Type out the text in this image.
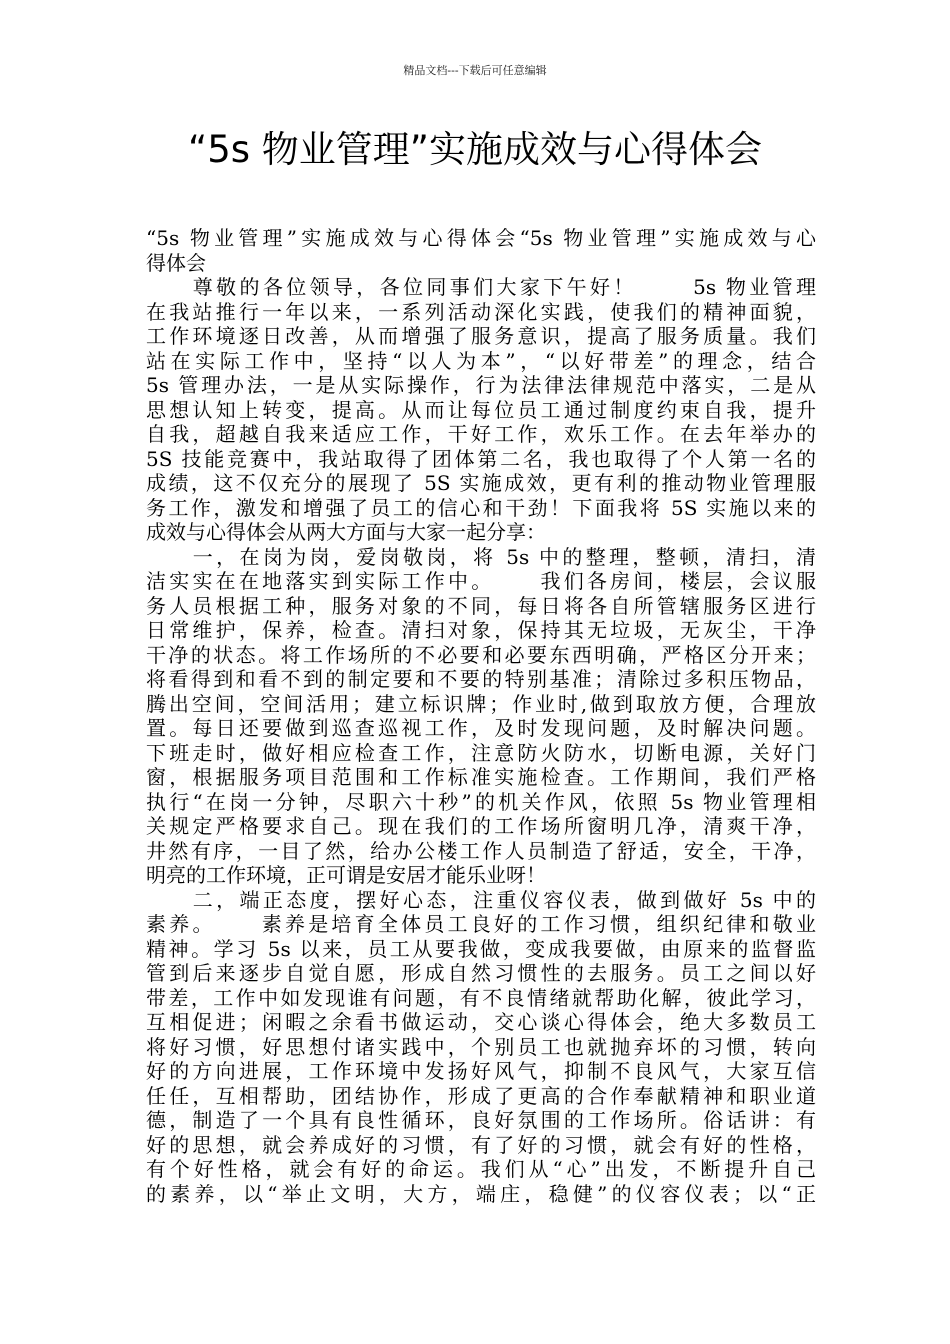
精品文档---下载后可任意编辑
“5s 物业管理”实施成效与心得体会
“5s 物业管理”实施成效与心得体会“5s 物业管理”实施成效与心
得体会
　　尊敬的各位领导，各位同事们大家下午好！　　 5s 物业管理
在我站推行一年以来，一系列活动深化实践，使我们的精神面貌，
工作环境逐日改善，从而增强了服务意识，提高了服务质量。我们
站在实际工作中，坚持“以人为本”，“以好带差”的理念，结合
5s 管理办法，一是从实际操作，行为法律法律规范中落实，二是从
思想认知上转变，提高。从而让每位员工通过制度约束自我，提升
自我，超越自我来适应工作，干好工作，欢乐工作。在去年举办的
5S 技能竞赛中，我站取得了团体第二名，我也取得了个人第一名的
成绩，这不仅充分的展现了 5S 实施成效，更有利的推动物业管理服
务工作，激发和增强了员工的信心和干劲！下面我将 5S 实施以来的
成效与心得体会从两大方面与大家一起分享：
　　一，在岗为岗，爱岗敬岗，将 5s 中的整理，整顿，清扫，清
洁实实在在地落实到实际工作中。　　 我们各房间，楼层，会议服
务人员根据工种，服务对象的不同，每日将各自所管辖服务区进行
日常维护，保养，检查。清扫对象，保持其无垃圾，无灰尘，干净
干净的状态。将工作场所的不必要和必要东西明确，严格区分开来；
将看得到和看不到的制定要和不要的特别基准；清除过多积压物品，
腾出空间，空间活用；建立标识牌；作业时,做到取放方便，合理放
置。每日还要做到巡查巡视工作，及时发现问题，及时解决问题。
下班走时，做好相应检查工作，注意防火防水，切断电源，关好门
窗，根据服务项目范围和工作标准实施检查。工作期间，我们严格
执行“在岗一分钟，尽职六十秒”的机关作风，依照 5s 物业管理相
关规定严格要求自己。现在我们的工作场所窗明几净，清爽干净，
井然有序，一目了然，给办公楼工作人员制造了舒适，安全，干净，
明亮的工作环境，正可谓是安居才能乐业呀！
　　二，端正态度，摆好心态，注重仪容仪表，做到做好 5s 中的
素养。　　 素养是培育全体员工良好的工作习惯，组织纪律和敬业
精神。学习 5s 以来，员工从要我做，变成我要做，由原来的监督监
管到后来逐步自觉自愿，形成自然习惯性的去服务。员工之间以好
带差，工作中如发现谁有问题，有不良情绪就帮助化解，彼此学习，
互相促进；闲暇之余看书做运动，交心谈心得体会，绝大多数员工
将好习惯，好思想付诸实践中，个别员工也就抛弃坏的习惯，转向
好的方向进展，工作环境中发扬好风气，抑制不良风气，大家互信
任任，互相帮助，团结协作，形成了更高的合作奉献精神和职业道
德，制造了一个具有良性循环，良好氛围的工作场所。俗话讲：有
好的思想，就会养成好的习惯，有了好的习惯，就会有好的性格，
有个好性格，就会有好的命运。我们从“心”出发，不断提升自己
的素养，以“举止文明，大方，端庄，稳健”的仪容仪表；以“正
